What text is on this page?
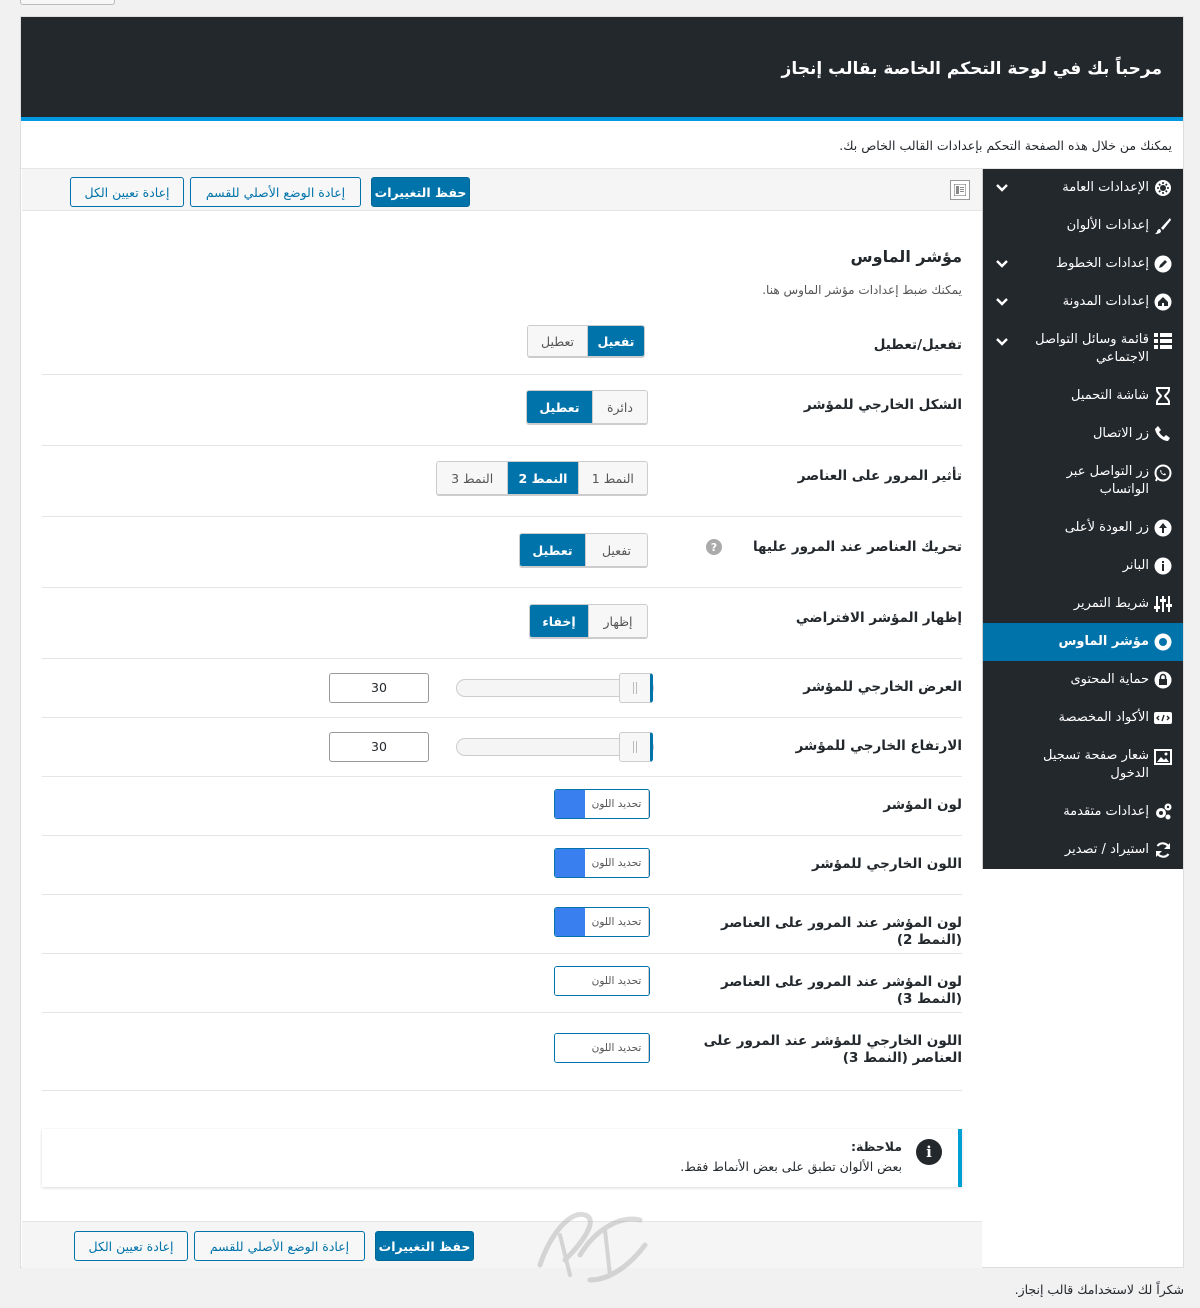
مرحباً بك في لوحة التحكم الخاصة بقالب إنجاز
يمكنك من خلال هذه الصفحة التحكم بإعدادات القالب الخاص بك.
الإعدادات العامة
إعدادات الألوان
إعدادات الخطوط
إعدادات المدونة
قائمة وسائل التواصل الاجتماعي
شاشة التحميل
زر الاتصال
زر التواصل عبر الواتساب
زر العودة لأعلى
البانر
شريط التمرير
مؤشر الماوس
حماية المحتوى
الأكواد المخصصة
شعار صفحة تسجيل الدخول
إعدادات متقدمة
استيراد / تصدير
حفظ التغييرات
إعادة الوضع الأصلي للقسم
إعادة تعيين الكل
مؤشر الماوس
يمكنك ضبط إعدادات مؤشر الماوس هنا.
تفعيل/تعطيل
تفعيل
تعطيل
الشكل الخارجي للمؤشر
دائرة
تعطيل
تأثير المرور على العناصر
النمط 1
النمط 2
النمط 3
تحريك العناصر عند المرور عليها
?
تفعيل
تعطيل
إظهار المؤشر الافتراضي
إظهار
إخفاء
العرض الخارجي للمؤشر
30
الارتفاع الخارجي للمؤشر
30
لون المؤشر
تحديد اللون
اللون الخارجي للمؤشر
تحديد اللون
لون المؤشر عند المرور على العناصر (النمط 2)
تحديد اللون
لون المؤشر عند المرور على العناصر (النمط 3)
تحديد اللون
اللون الخارجي للمؤشر عند المرور على العناصر (النمط 3)
تحديد اللون
i
ملاحظة:
بعض الألوان تطبق على بعض الأنماط فقط.
حفظ التغييرات
إعادة الوضع الأصلي للقسم
إعادة تعيين الكل
شكراً لك لاستخدامك قالب إنجاز.
